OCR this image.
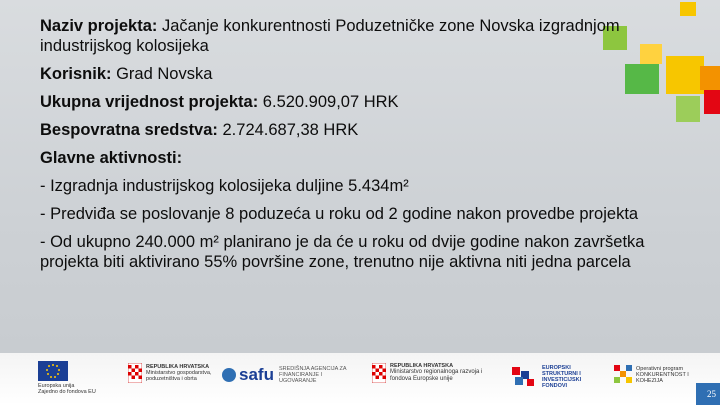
Naziv projekta: Jačanje konkurentnosti Poduzetničke zone Novska izgradnjom industrijskog kolosijeka

Korisnik: Grad Novska

Ukupna vrijednost projekta: 6.520.909,07 HRK

Bespovratna sredstva: 2.724.687,38 HRK

Glavne aktivnosti:

- Izgradnja industrijskog kolosijeka duljine 5.434m²

- Predviđa se poslovanje 8 poduzeća u roku od 2 godine nakon provedbe projekta

- Od ukupno 240.000 m² planirano je da će u roku od dvije godine nakon završetka projekta biti aktivirano 55% površine zone, trenutno nije aktivna niti jedna parcela

Europska unija
Zajedno do fondova EU
REPUBLIKA HRVATSKA
Ministarstvo gospodarstva, poduzetništva i obrta	safu SREDIŠNJA AGENCIJA ZA FINANCIRANJE I UGOVARANJE
REPUBLIKA HRVATSKA
Ministarstvo regionalnoga razvoja i fondova Europske unije
EUROPSKI STRUKTURNI I INVESTICIJSKI FONDOVI
Operativni program KONKURENTNOST I KOHEZIJA
25
